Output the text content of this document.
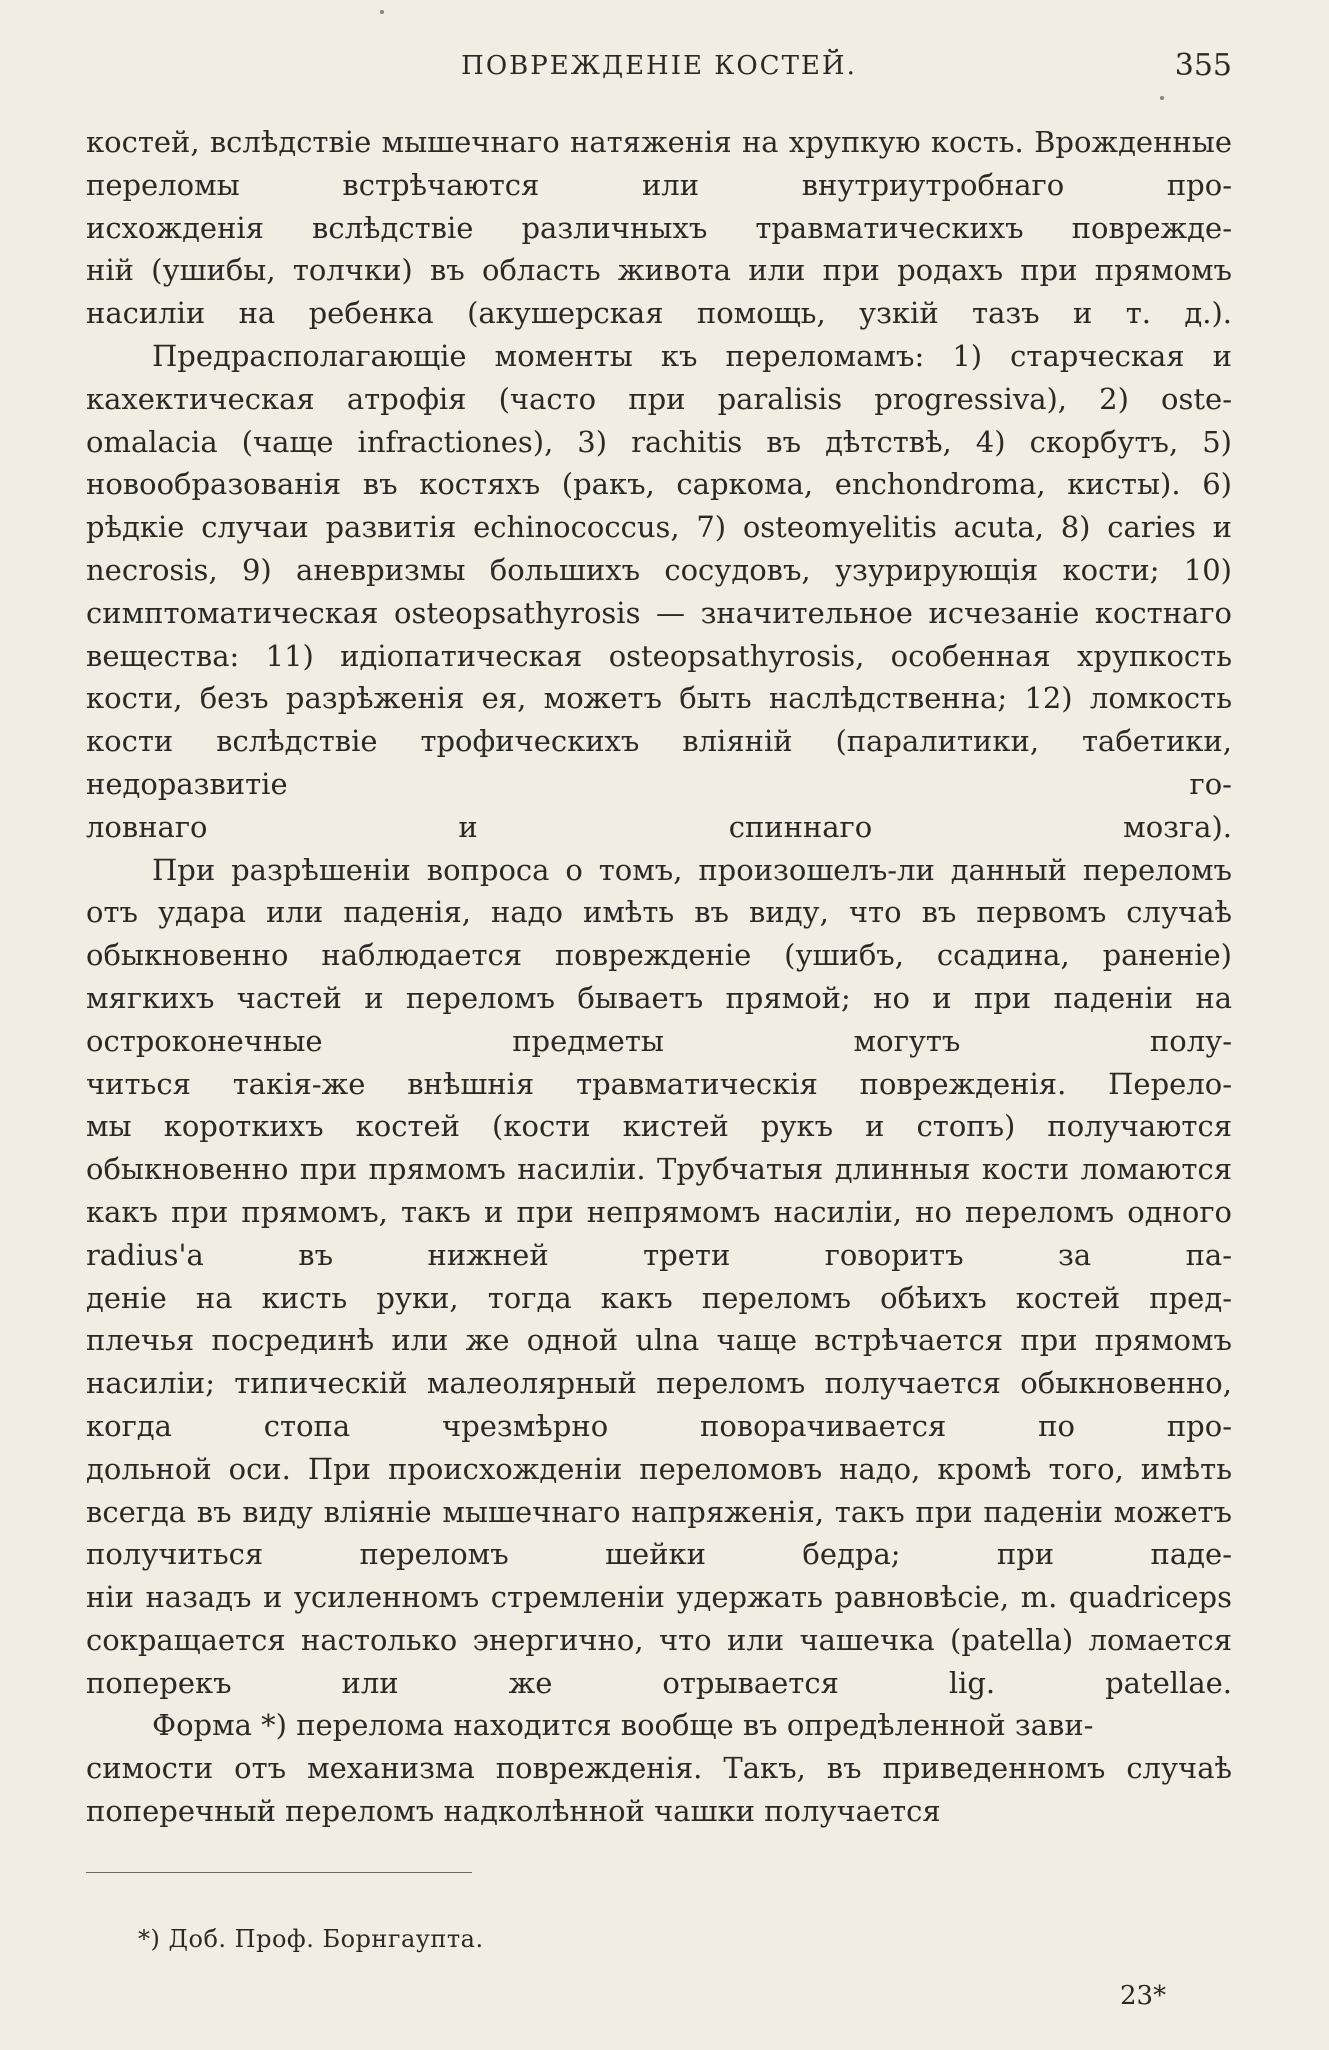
ПОВРЕЖДЕНІЕ КОСТЕЙ.	355

костей, вслѣдствіе мышечнаго натяженія на хрупкую кость. Врожденные переломы встрѣчаются или внутриутробнаго про-
исхожденія вслѣдствіе различныхъ травматическихъ поврежде-
ній (ушибы, толчки) въ область живота или при родахъ при прямомъ насиліи на ребенка (акушерская помощь, узкій тазъ и т. д.).

Предрасполагающіе моменты къ переломамъ: 1) старческая и кахектическая атрофія (часто при paralisis progressiva), 2) oste-
omalacia (чаще infractiones), 3) rachitis въ дѣтствѣ, 4) скорбутъ, 5) новообразованія въ костяхъ (ракъ, саркома, enchondroma, кисты). 6) рѣдкіе случаи развитія echinococcus, 7) osteomyelitis acuta, 8) caries и necrosis, 9) аневризмы большихъ сосудовъ, узурирующія кости; 10) симптоматическая osteopsathyrosis — значительное исчезаніе костнаго вещества: 11) идіопатическая osteopsathyrosis, особенная хрупкость кости, безъ разрѣженія ея, можетъ быть наслѣдственна; 12) ломкость кости вслѣдствіе трофическихъ вліяній (паралитики, табетики, недоразвитіе го-
ловнаго и спиннаго мозга).

При разрѣшеніи вопроса о томъ, произошелъ-ли данный переломъ отъ удара или паденія, надо имѣть въ виду, что въ первомъ случаѣ обыкновенно наблюдается поврежденіе (ушибъ, ссадина, раненіе) мягкихъ частей и переломъ бываетъ прямой; но и при паденіи на остроконечные предметы могутъ полу-
читься такія-же внѣшнія травматическія поврежденія. Перело-
мы короткихъ костей (кости кистей рукъ и стопъ) получаются обыкновенно при прямомъ насиліи. Трубчатыя длинныя кости ломаются какъ при прямомъ, такъ и при непрямомъ насиліи, но переломъ одного radius'а въ нижней трети говоритъ за па-
деніе на кисть руки, тогда какъ переломъ обѣихъ костей пред-
плечья посрединѣ или же одной ulna чаще встрѣчается при прямомъ насиліи; типическій малеолярный переломъ получается обыкновенно, когда стопа чрезмѣрно поворачивается по про-
дольной оси. При происхожденіи переломовъ надо, кромѣ того, имѣть всегда въ виду вліяніе мышечнаго напряженія, такъ при паденіи можетъ получиться переломъ шейки бедра; при паде-
ніи назадъ и усиленномъ стремленіи удержать равновѣсіе, m. quadriceps сокращается настолько энергично, что или чашечка (patella) ломается поперекъ или же отрывается lig. patellae.

Форма *) перелома находится вообще въ опредѣленной зави-
симости отъ механизма поврежденія. Такъ, въ приведенномъ случаѣ поперечный переломъ надколѣнной чашки получается

*) Доб. Проф. Борнгаупта.
23*
